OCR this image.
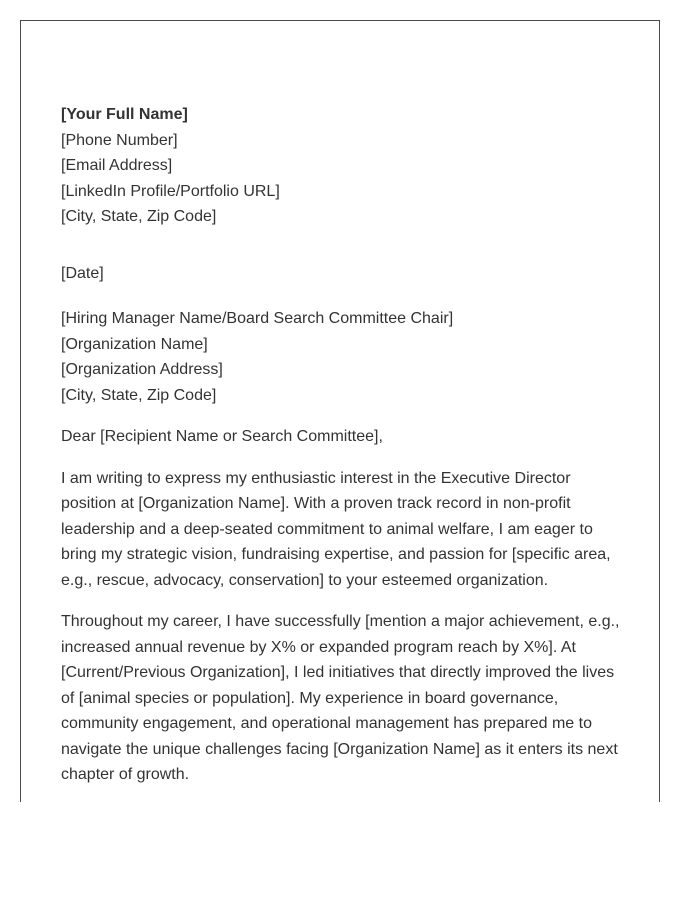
[Your Full Name]
[Phone Number]
[Email Address]
[LinkedIn Profile/Portfolio URL]
[City, State, Zip Code]
[Date]
[Hiring Manager Name/Board Search Committee Chair]
[Organization Name]
[Organization Address]
[City, State, Zip Code]
Dear [Recipient Name or Search Committee],
I am writing to express my enthusiastic interest in the Executive Director
position at [Organization Name]. With a proven track record in non-profit
leadership and a deep-seated commitment to animal welfare, I am eager to
bring my strategic vision, fundraising expertise, and passion for [specific area,
e.g., rescue, advocacy, conservation] to your esteemed organization.
Throughout my career, I have successfully [mention a major achievement, e.g.,
increased annual revenue by X% or expanded program reach by X%]. At
[Current/Previous Organization], I led initiatives that directly improved the lives
of [animal species or population]. My experience in board governance,
community engagement, and operational management has prepared me to
navigate the unique challenges facing [Organization Name] as it enters its next
chapter of growth.
